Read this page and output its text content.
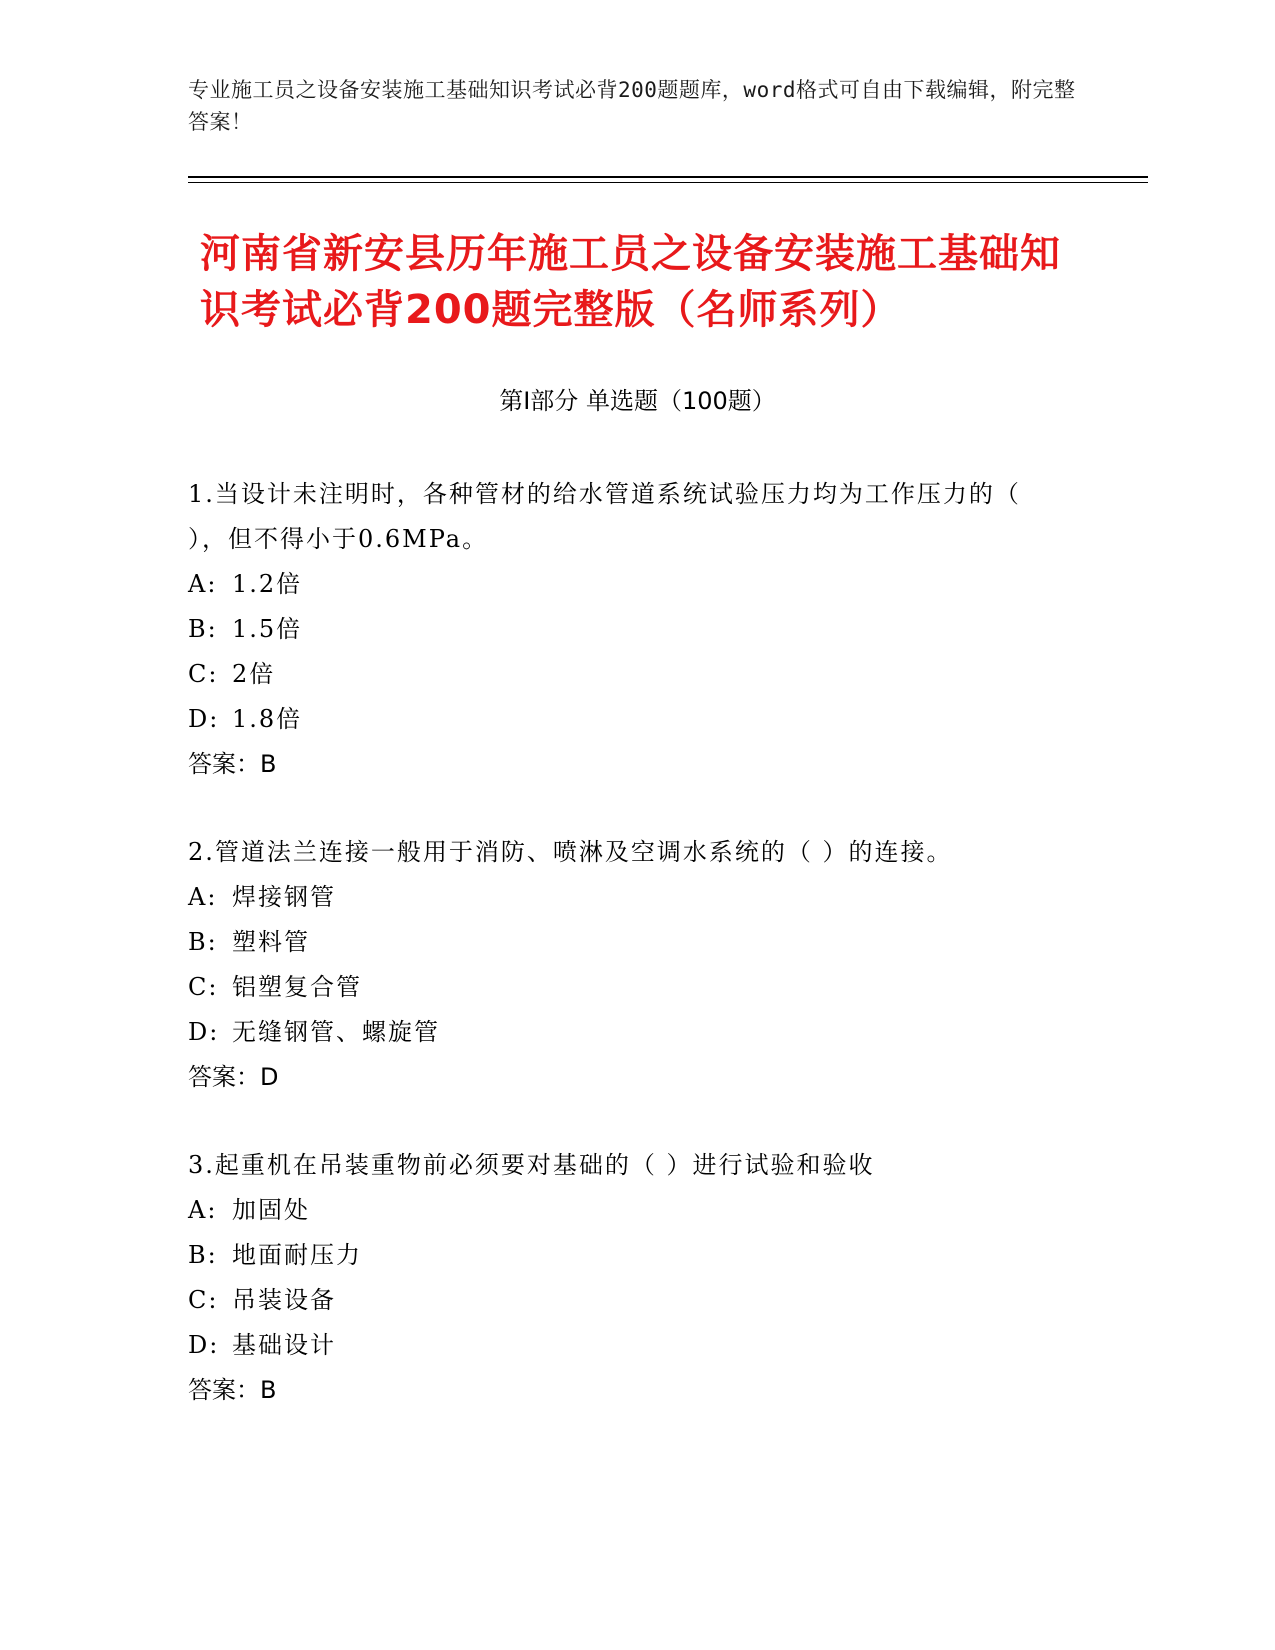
专业施工员之设备安装施工基础知识考试必背200题题库，word格式可自由下载编辑，附完整答案！
河南省新安县历年施工员之设备安装施工基础知识考试必背200题完整版（名师系列）
第Ⅰ部分 单选题（100题）
1.当设计未注明时，各种管材的给水管道系统试验压力均为工作压力的（ ），但不得小于0.6MPa。
A: 1.2倍
B: 1.5倍
C: 2倍
D: 1.8倍
答案：B
2.管道法兰连接一般用于消防、喷淋及空调水系统的（ ）的连接。
A: 焊接钢管
B: 塑料管
C: 铝塑复合管
D: 无缝钢管、螺旋管
答案：D
3.起重机在吊装重物前必须要对基础的（ ）进行试验和验收
A: 加固处
B: 地面耐压力
C: 吊装设备
D: 基础设计
答案：B
